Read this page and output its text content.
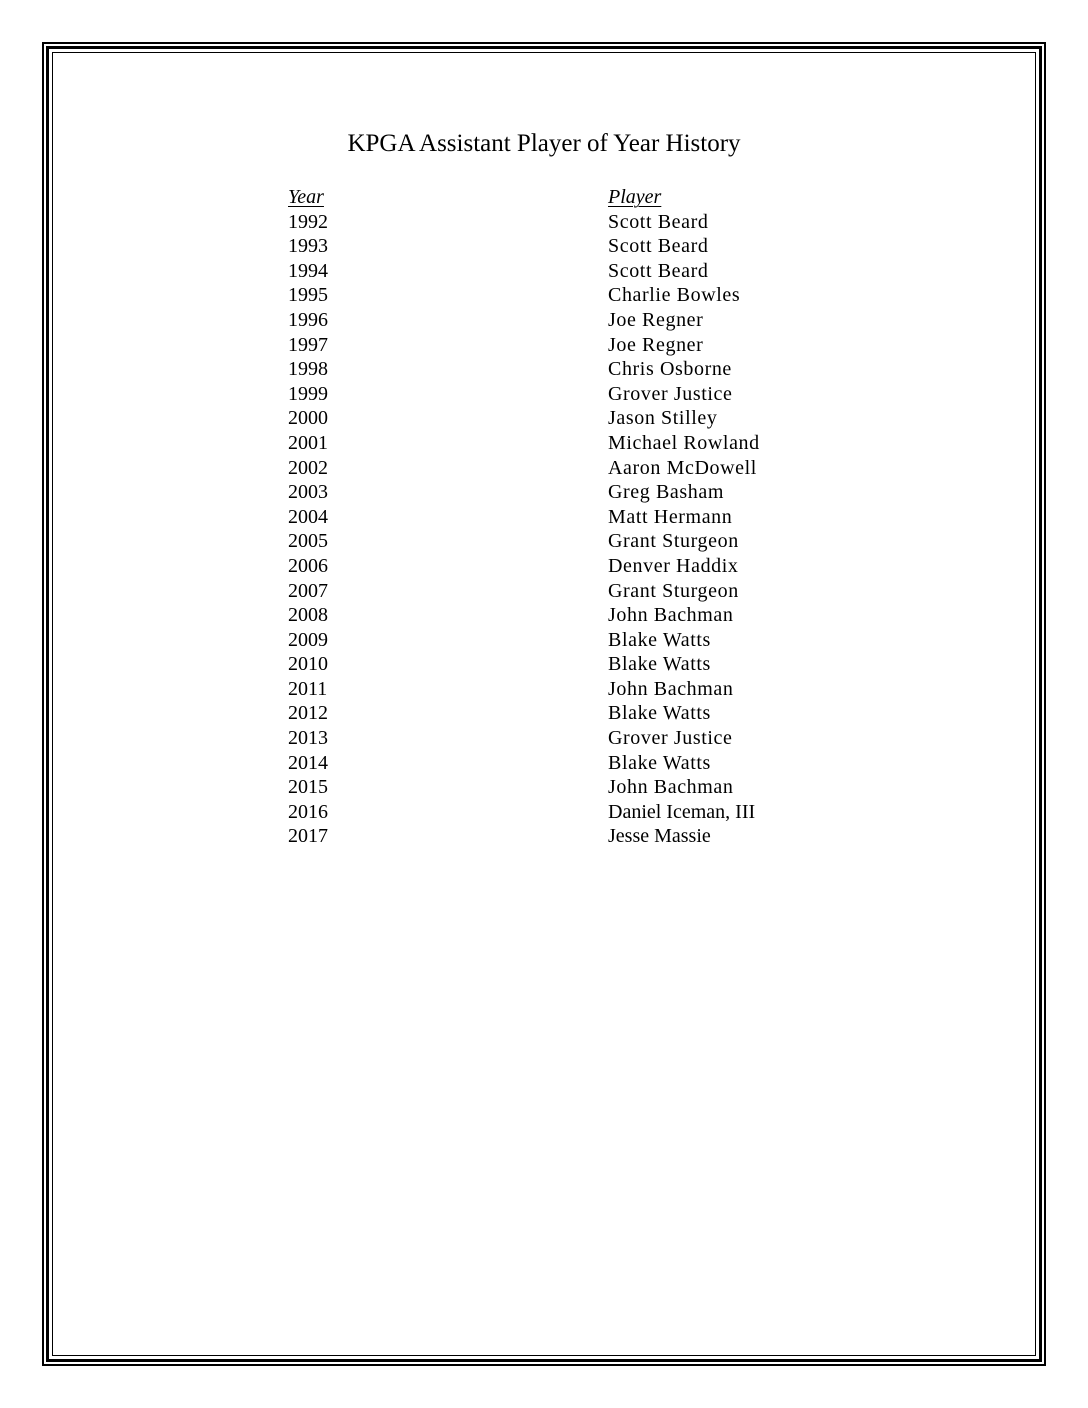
KPGA Assistant Player of Year History
Year	Player
1992	Scott Beard
1993	Scott Beard
1994	Scott Beard
1995	Charlie Bowles
1996	Joe Regner
1997	Joe Regner
1998	Chris Osborne
1999	Grover Justice
2000	Jason Stilley
2001	Michael Rowland
2002	Aaron McDowell
2003	Greg Basham
2004	Matt Hermann
2005	Grant Sturgeon
2006	Denver Haddix
2007	Grant Sturgeon
2008	John Bachman
2009	Blake Watts
2010	Blake Watts
2011	John Bachman
2012	Blake Watts
2013	Grover Justice
2014	Blake Watts
2015	John Bachman
2016	Daniel Iceman, III
2017	Jesse Massie
